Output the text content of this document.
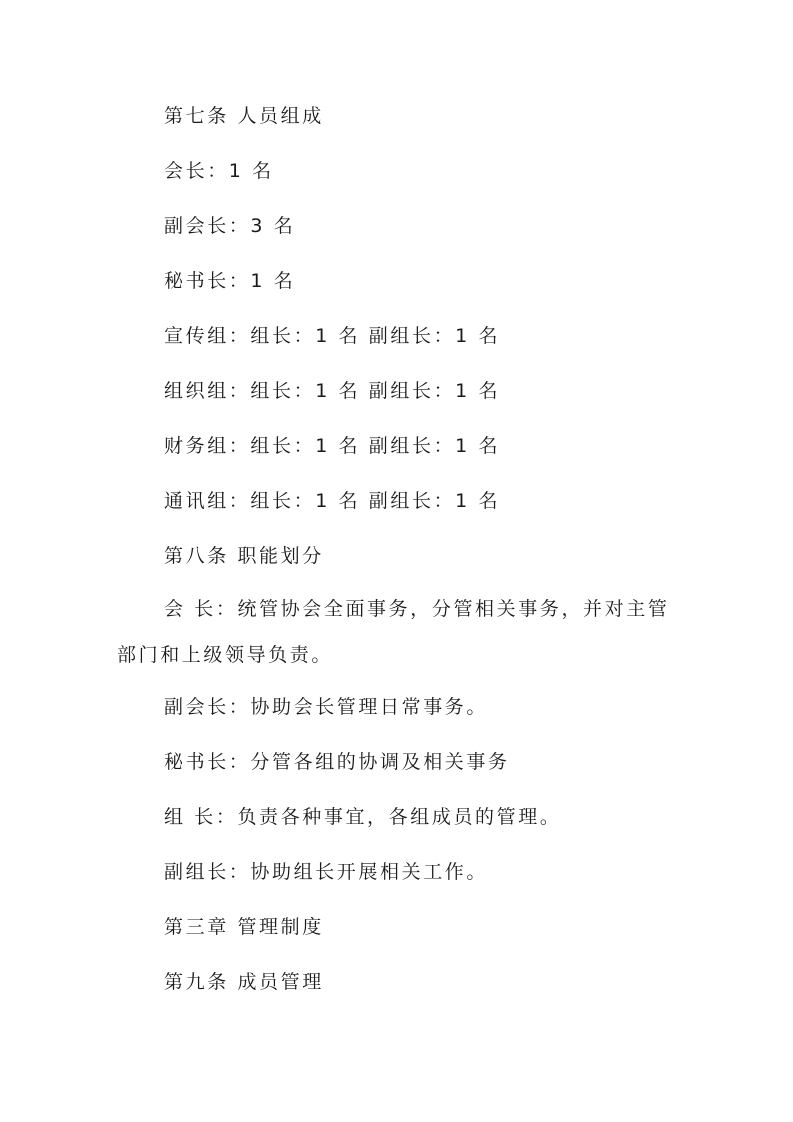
第七条 人员组成
会长：1 名
副会长：3 名
秘书长：1 名
宣传组：组长：1 名 副组长：1 名
组织组：组长：1 名 副组长：1 名
财务组：组长：1 名 副组长：1 名
通讯组：组长：1 名 副组长：1 名
第八条 职能划分
会 长：统管协会全面事务，分管相关事务，并对主管
部门和上级领导负责。
副会长：协助会长管理日常事务。
秘书长：分管各组的协调及相关事务
组 长：负责各种事宜，各组成员的管理。
副组长：协助组长开展相关工作。
第三章 管理制度
第九条 成员管理
